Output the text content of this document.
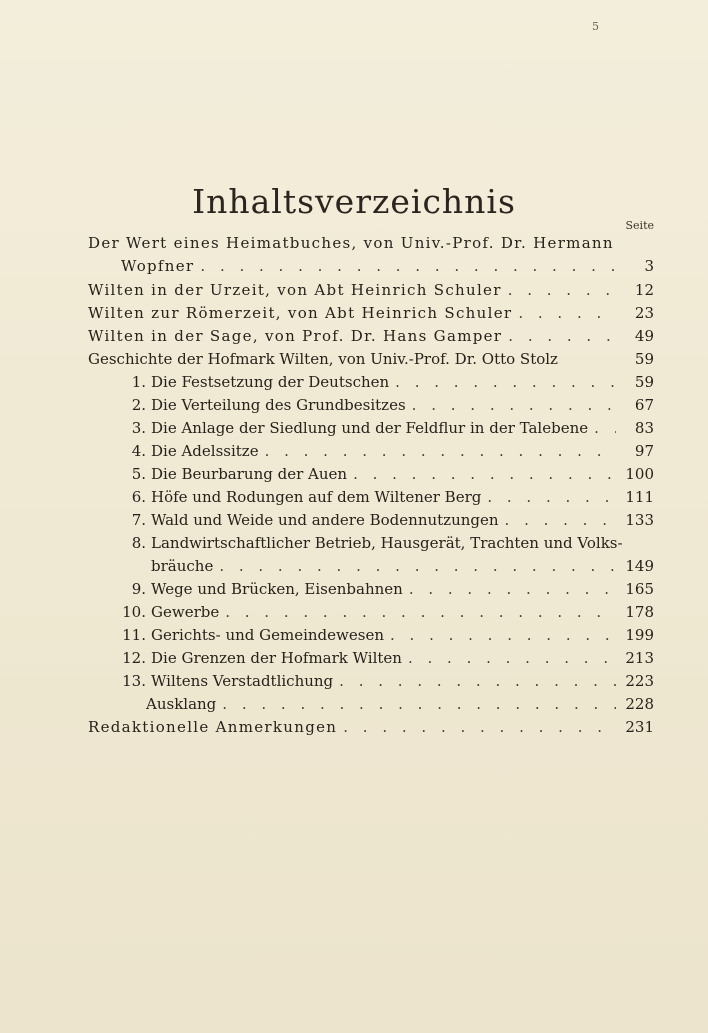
5
Inhaltsverzeichnis
Seite
Der Wert eines Heimatbuches, von Univ.-Prof. Dr. Hermann
Wopfner . . .	3
Wilten in der Urzeit, von Abt Heinrich Schuler . . .	12
Wilten zur Römerzeit, von Abt Heinrich Schuler . . .	23
Wilten in der Sage, von Prof. Dr. Hans Gamper . . .	49
Geschichte der Hofmark Wilten, von Univ.-Prof. Dr. Otto Stolz	59
1. Die Festsetzung der Deutschen . . .	59
2. Die Verteilung des Grundbesitzes . . .	67
3. Die Anlage der Siedlung und der Feldflur in der Talebene . . .	83
4. Die Adelssitze . . .	97
5. Die Beurbarung der Auen . . .	100
6. Höfe und Rodungen auf dem Wiltener Berg . . .	111
7. Wald und Weide und andere Bodennutzungen . . .	133
8. Landwirtschaftlicher Betrieb, Hausgerät, Trachten und Volks-
bräuche . . .	149
9. Wege und Brücken, Eisenbahnen . . .	165
10. Gewerbe . . .	178
11. Gerichts- und Gemeindewesen . . .	199
12. Die Grenzen der Hofmark Wilten . . .	213
13. Wiltens Verstadtlichung . . .	223
Ausklang . . .	228
Redaktionelle Anmerkungen . . .	231
